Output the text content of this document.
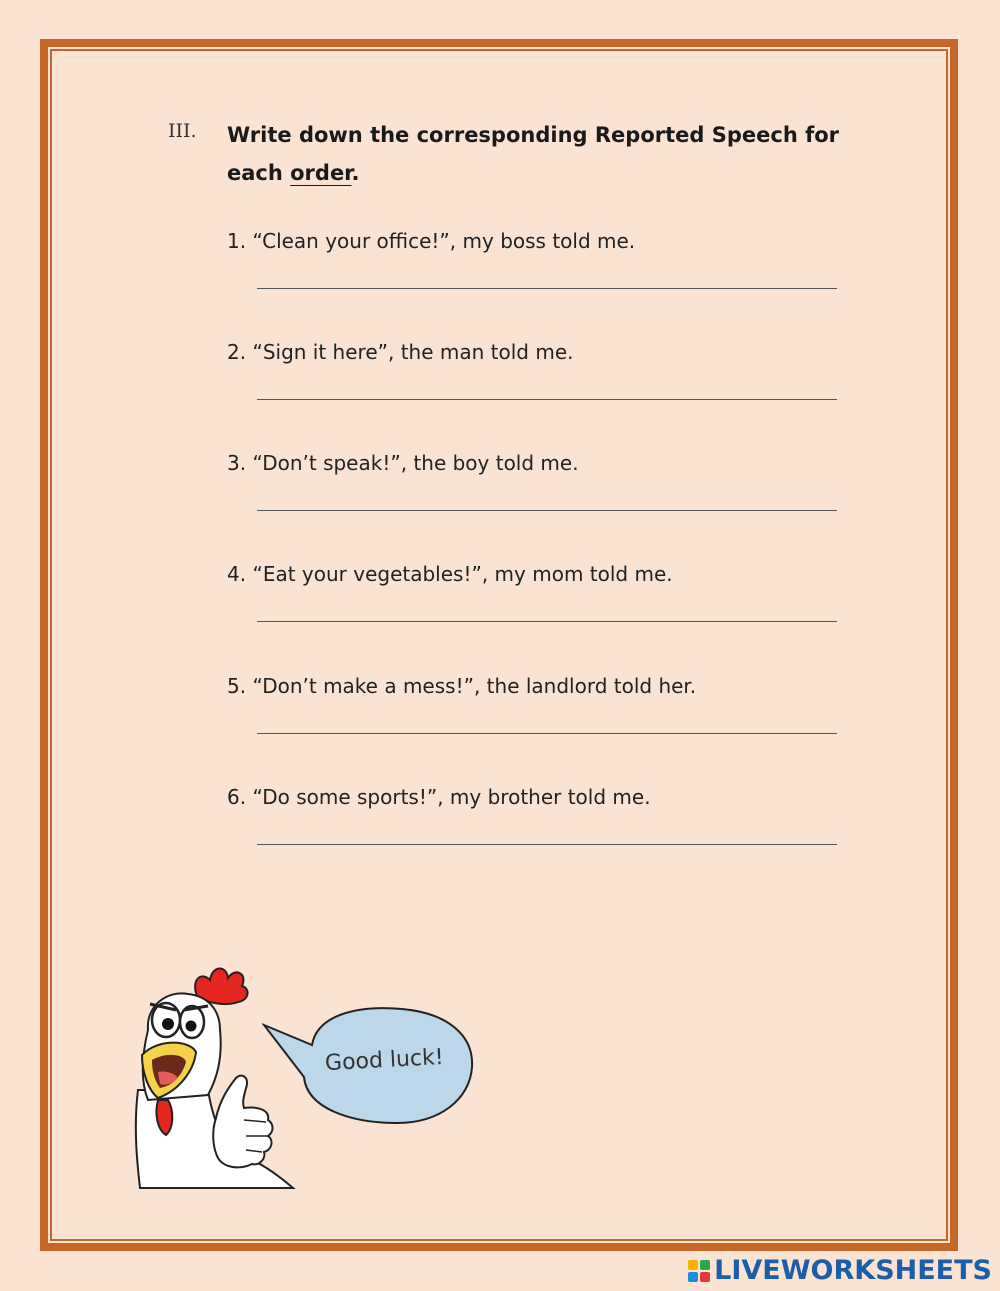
III. Write down the corresponding Reported Speech for each order.
1. “Clean your office!”, my boss told me.
2. “Sign it here”, the man told me.
3. “Don’t speak!”, the boy told me.
4. “Eat your vegetables!”, my mom told me.
5. “Don’t make a mess!”, the landlord told her.
6. “Do some sports!”, my brother told me.
Good luck!
LIVEWORKSHEETS
